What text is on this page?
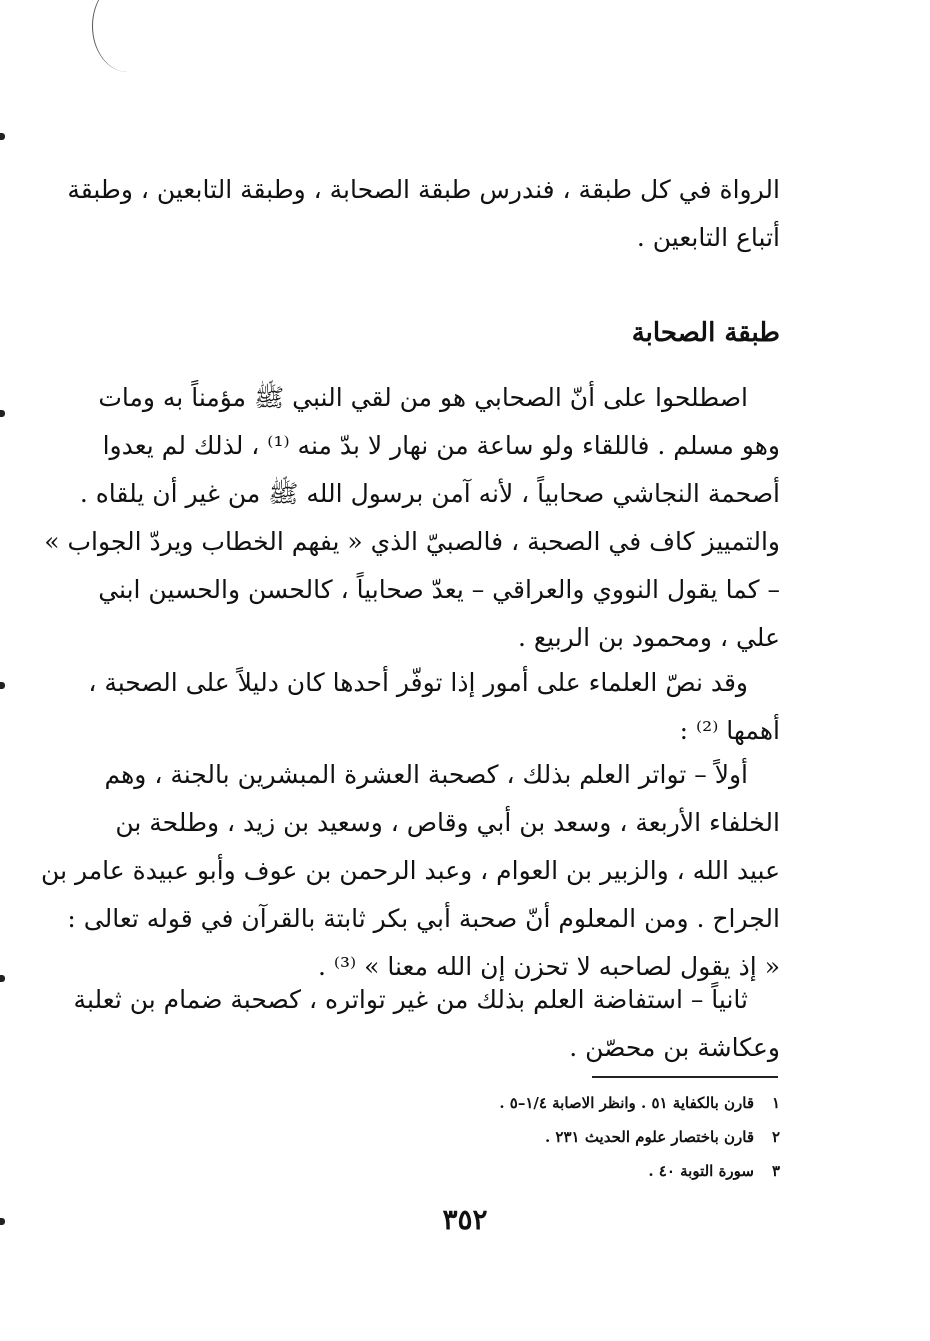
الرواة في كل طبقة ، فندرس طبقة الصحابة ، وطبقة التابعين ، وطبقة
أتباع التابعين .
طبقة الصحابة
اصطلحوا على أنّ الصحابي هو من لقي النبي ﷺ مؤمناً به ومات
وهو مسلم . فاللقاء ولو ساعة من نهار لا بدّ منه ⁽¹⁾ ، لذلك لم يعدوا
أصحمة النجاشي صحابياً ، لأنه آمن برسول الله ﷺ من غير أن يلقاه .
والتمييز كاف في الصحبة ، فالصبيّ الذي « يفهم الخطاب ويردّ الجواب »
– كما يقول النووي والعراقي – يعدّ صحابياً ، كالحسن والحسين ابني
علي ، ومحمود بن الربيع .
وقد نصّ العلماء على أمور إذا توفّر أحدها كان دليلاً على الصحبة ،
أهمها ⁽²⁾ :
أولاً – تواتر العلم بذلك ، كصحبة العشرة المبشرين بالجنة ، وهم
الخلفاء الأربعة ، وسعد بن أبي وقاص ، وسعيد بن زيد ، وطلحة بن
عبيد الله ، والزبير بن العوام ، وعبد الرحمن بن عوف وأبو عبيدة عامر بن
الجراح . ومن المعلوم أنّ صحبة أبي بكر ثابتة بالقرآن في قوله تعالى :
« إذ يقول لصاحبه لا تحزن إن الله معنا » ⁽³⁾ .
ثانياً – استفاضة العلم بذلك من غير تواتره ، كصحبة ضمام بن ثعلبة
وعكاشة بن محصّن .
١قارن بالكفاية ٥١ . وانظر الاصابة ١/٤–٥ .
٢قارن باختصار علوم الحديث ٢٣١ .
٣سورة التوبة ٤٠ .
٣٥٢
